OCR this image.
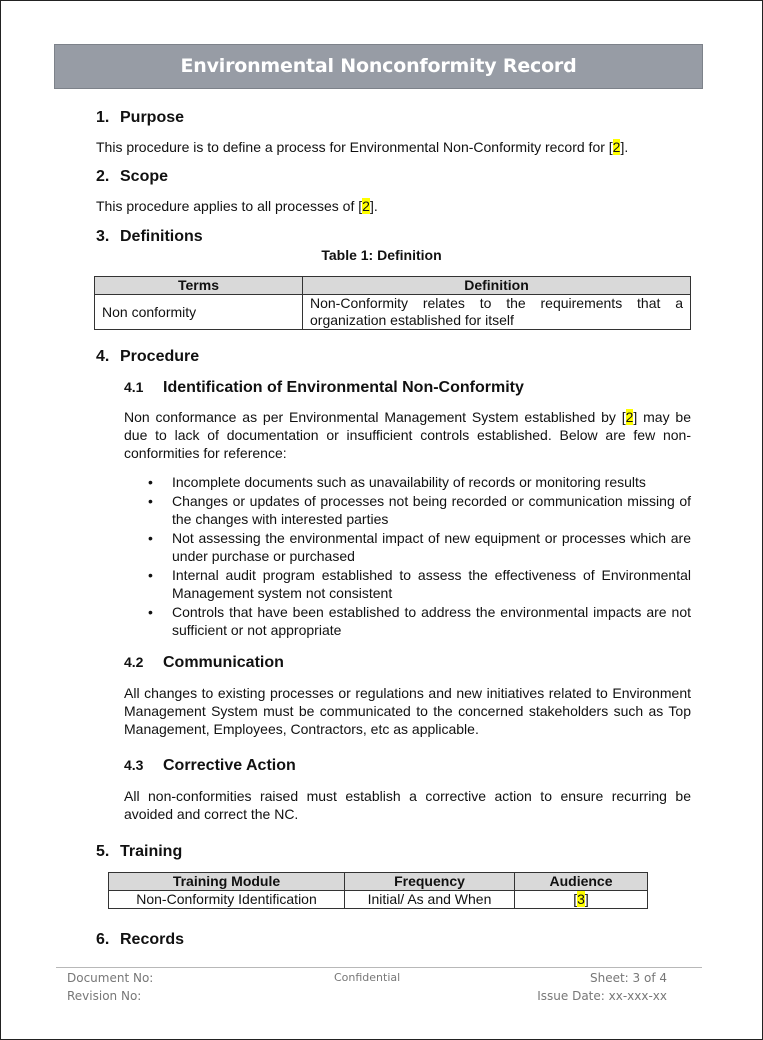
Environmental Nonconformity Record
1. Purpose
This procedure is to define a process for Environmental Non-Conformity record for [2].
2. Scope
This procedure applies to all processes of [2].
3. Definitions
Table 1: Definition
Terms	Definition
Non conformity	Non-Conformity relates to the requirements that a organization established for itself
4. Procedure
4.1 Identification of Environmental Non-Conformity
Non conformance as per Environmental Management System established by [2] may be due to lack of documentation or insufficient controls established. Below are few non-conformities for reference:
• Incomplete documents such as unavailability of records or monitoring results
• Changes or updates of processes not being recorded or communication missing of the changes with interested parties
• Not assessing the environmental impact of new equipment or processes which are under purchase or purchased
• Internal audit program established to assess the effectiveness of Environmental Management system not consistent
• Controls that have been established to address the environmental impacts are not sufficient or not appropriate
4.2 Communication
All changes to existing processes or regulations and new initiatives related to Environment Management System must be communicated to the concerned stakeholders such as Top Management, Employees, Contractors, etc as applicable.
4.3 Corrective Action
All non-conformities raised must establish a corrective action to ensure recurring be avoided and correct the NC.
5. Training
Training Module	Frequency	Audience
Non-Conformity Identification	Initial/ As and When	[3]
6. Records
Document No:
Revision No:
Confidential	Sheet: 3 of 4
Issue Date: xx-xxx-xx
